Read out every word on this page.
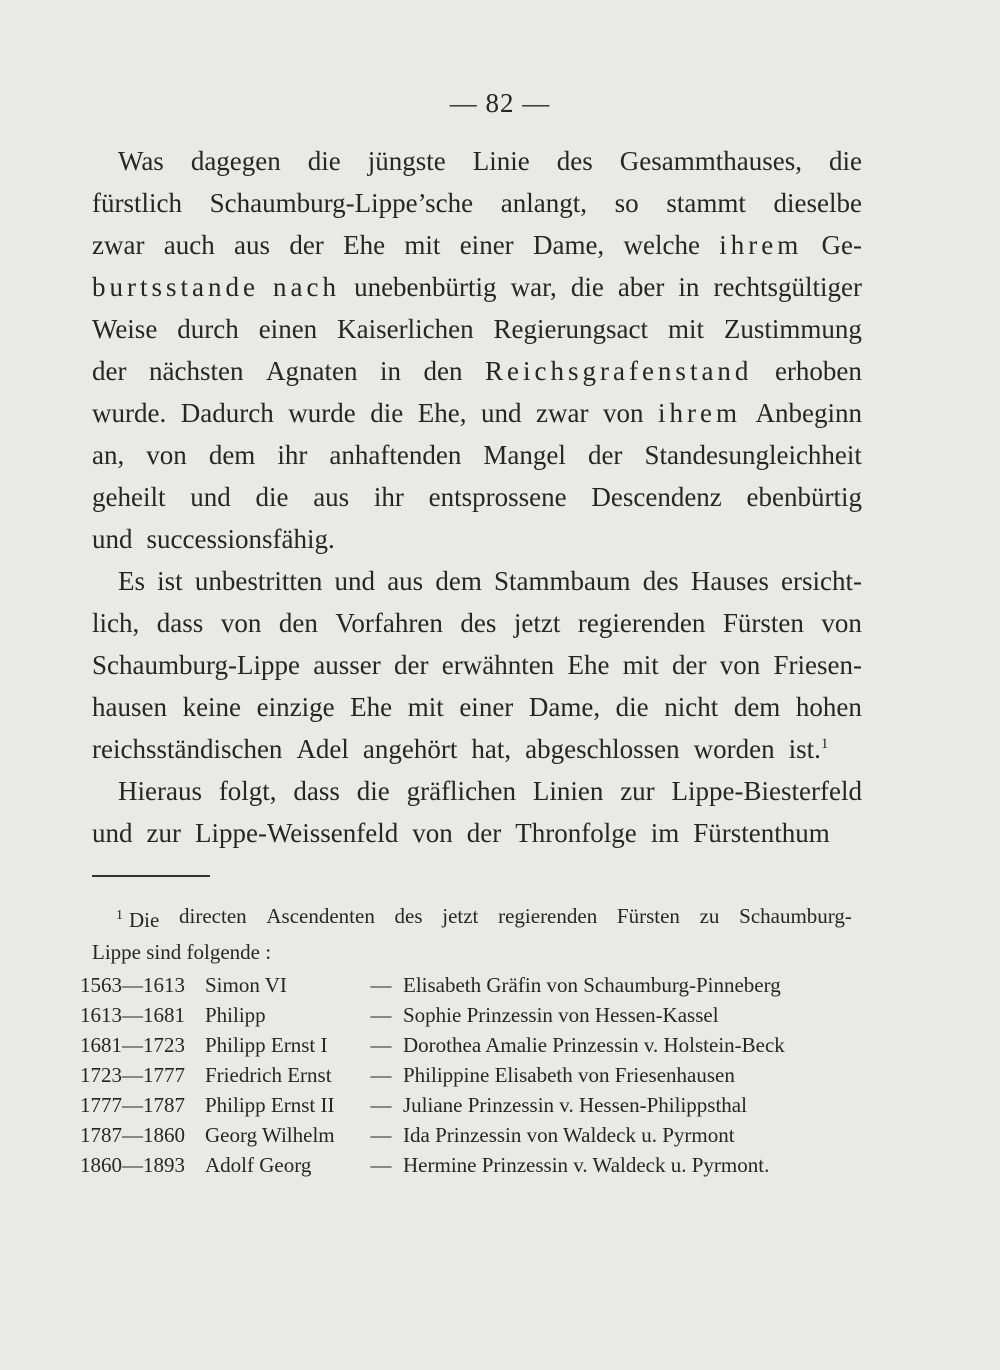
— 82 —
Was dagegen die jüngste Linie des Gesammthauses, die
fürstlich Schaumburg-Lippe’sche anlangt, so stammt dieselbe
zwar auch aus der Ehe mit einer Dame, welche ihrem Ge-
burtsstande nach unebenbürtig war, die aber in rechtsgültiger
Weise durch einen Kaiserlichen Regierungsact mit Zustimmung
der nächsten Agnaten in den Reichsgrafenstand erhoben
wurde. Dadurch wurde die Ehe, und zwar von ihrem Anbeginn
an, von dem ihr anhaftenden Mangel der Standesungleichheit
geheilt und die aus ihr entsprossene Descendenz ebenbürtig
und successionsfähig.
Es ist unbestritten und aus dem Stammbaum des Hauses ersicht-
lich, dass von den Vorfahren des jetzt regierenden Fürsten von
Schaumburg-Lippe ausser der erwähnten Ehe mit der von Friesen-
hausen keine einzige Ehe mit einer Dame, die nicht dem hohen
reichsständischen Adel angehört hat, abgeschlossen worden ist.$^1$
Hieraus folgt, dass die gräflichen Linien zur Lippe-Biesterfeld
und zur Lippe-Weissenfeld von der Thronfolge im Fürstenthum
$^1$ Die directen Ascendenten des jetzt regierenden Fürsten zu Schaumburg-
Lippe sind folgende :
1563—1613 Simon VI	— Elisabeth Gräfin von Schaumburg-Pinneberg
1613—1681 Philipp	— Sophie Prinzessin von Hessen-Kassel
1681—1723 Philipp Ernst I	— Dorothea Amalie Prinzessin v. Holstein-Beck
1723—1777 Friedrich Ernst	— Philippine Elisabeth von Friesenhausen
1777—1787 Philipp Ernst II	— Juliane Prinzessin v. Hessen-Philippsthal
1787—1860 Georg Wilhelm	— Ida Prinzessin von Waldeck u. Pyrmont
1860—1893 Adolf Georg	— Hermine Prinzessin v. Waldeck u. Pyrmont.
